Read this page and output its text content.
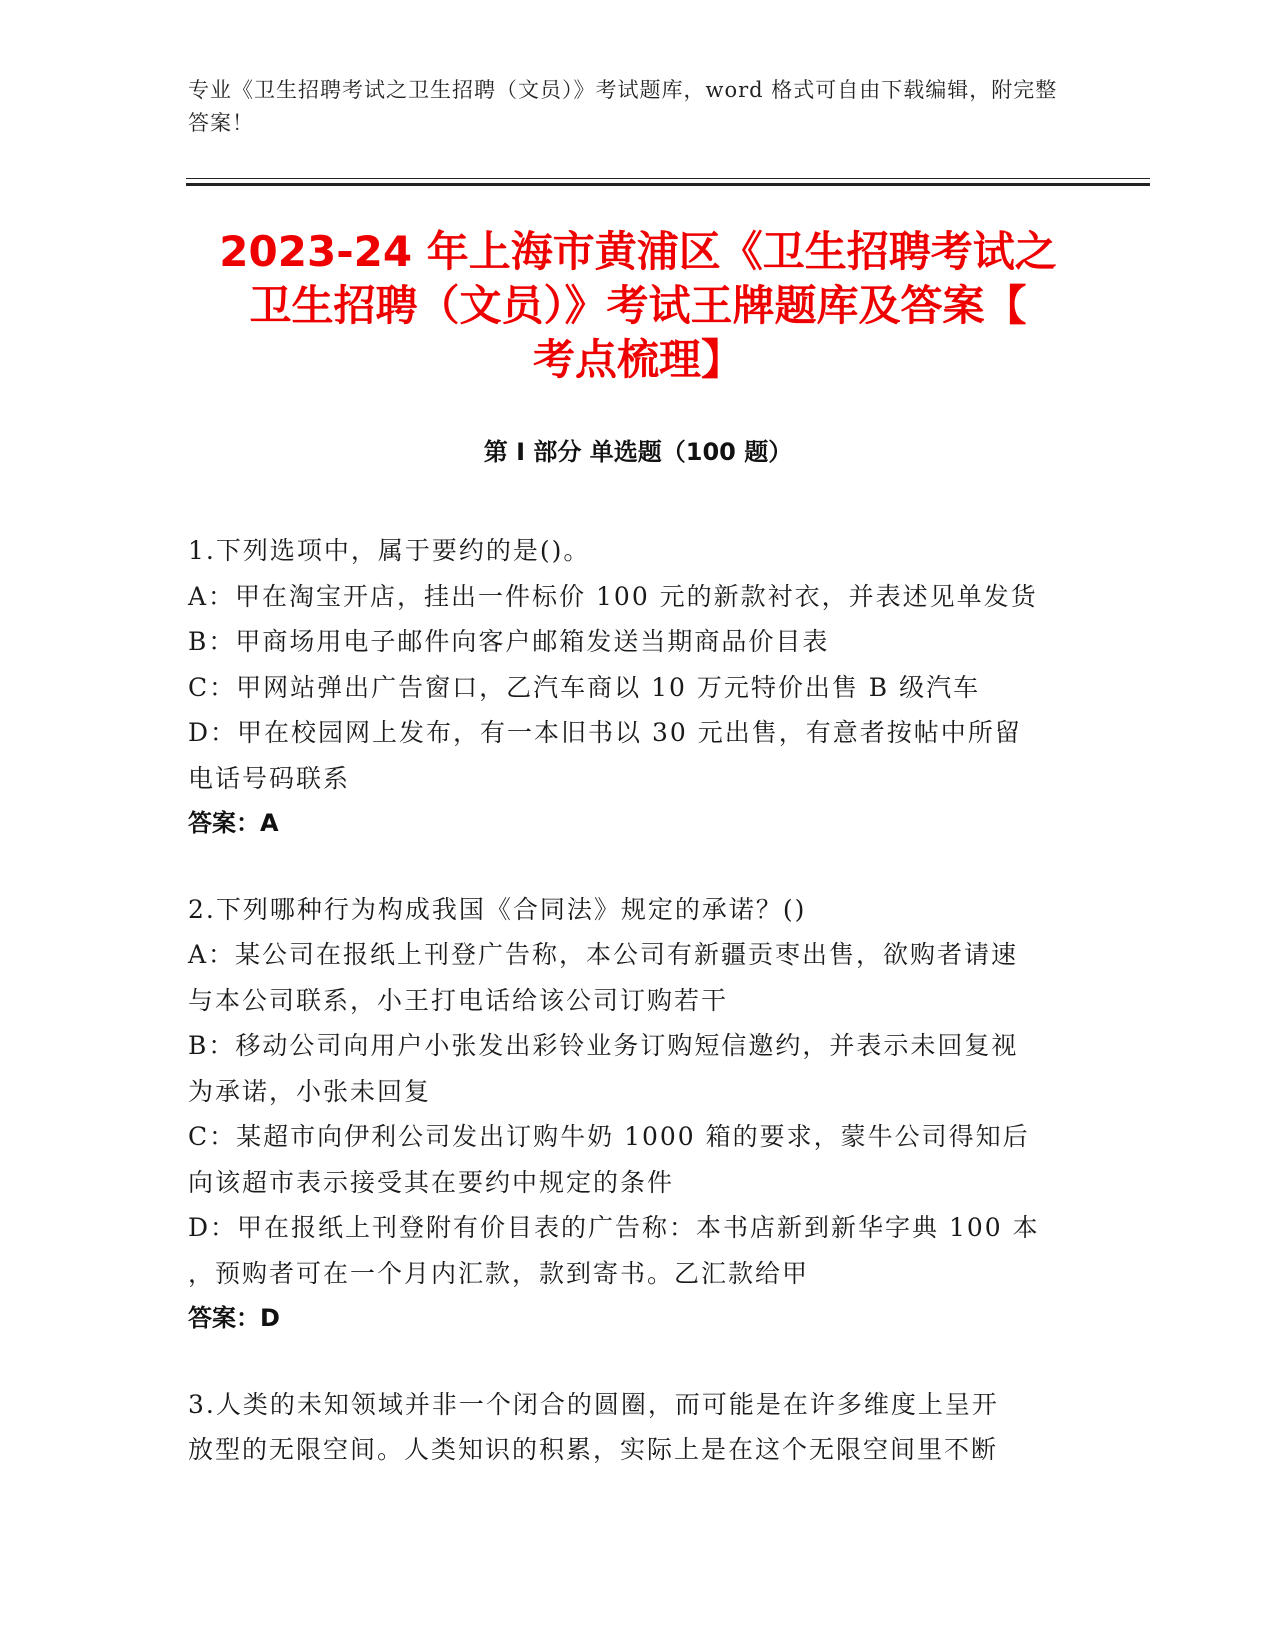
专业《卫生招聘考试之卫生招聘（文员）》考试题库，word 格式可自由下载编辑，附完整答案！
2023-24 年上海市黄浦区《卫生招聘考试之
卫生招聘（文员）》考试王牌题库及答案【
考点梳理】
第 I 部分 单选题（100 题）
1.下列选项中，属于要约的是()。
A：甲在淘宝开店，挂出一件标价 100 元的新款衬衣，并表述见单发货
B：甲商场用电子邮件向客户邮箱发送当期商品价目表
C：甲网站弹出广告窗口，乙汽车商以 10 万元特价出售 B 级汽车
D：甲在校园网上发布，有一本旧书以 30 元出售，有意者按帖中所留
电话号码联系
答案：A
2.下列哪种行为构成我国《合同法》规定的承诺？()
A：某公司在报纸上刊登广告称，本公司有新疆贡枣出售，欲购者请速
与本公司联系，小王打电话给该公司订购若干
B：移动公司向用户小张发出彩铃业务订购短信邀约，并表示未回复视
为承诺，小张未回复
C：某超市向伊利公司发出订购牛奶 1000 箱的要求，蒙牛公司得知后
向该超市表示接受其在要约中规定的条件
D：甲在报纸上刊登附有价目表的广告称：本书店新到新华字典 100 本
，预购者可在一个月内汇款，款到寄书。乙汇款给甲
答案：D
3.人类的未知领域并非一个闭合的圆圈，而可能是在许多维度上呈开
放型的无限空间。人类知识的积累，实际上是在这个无限空间里不断
